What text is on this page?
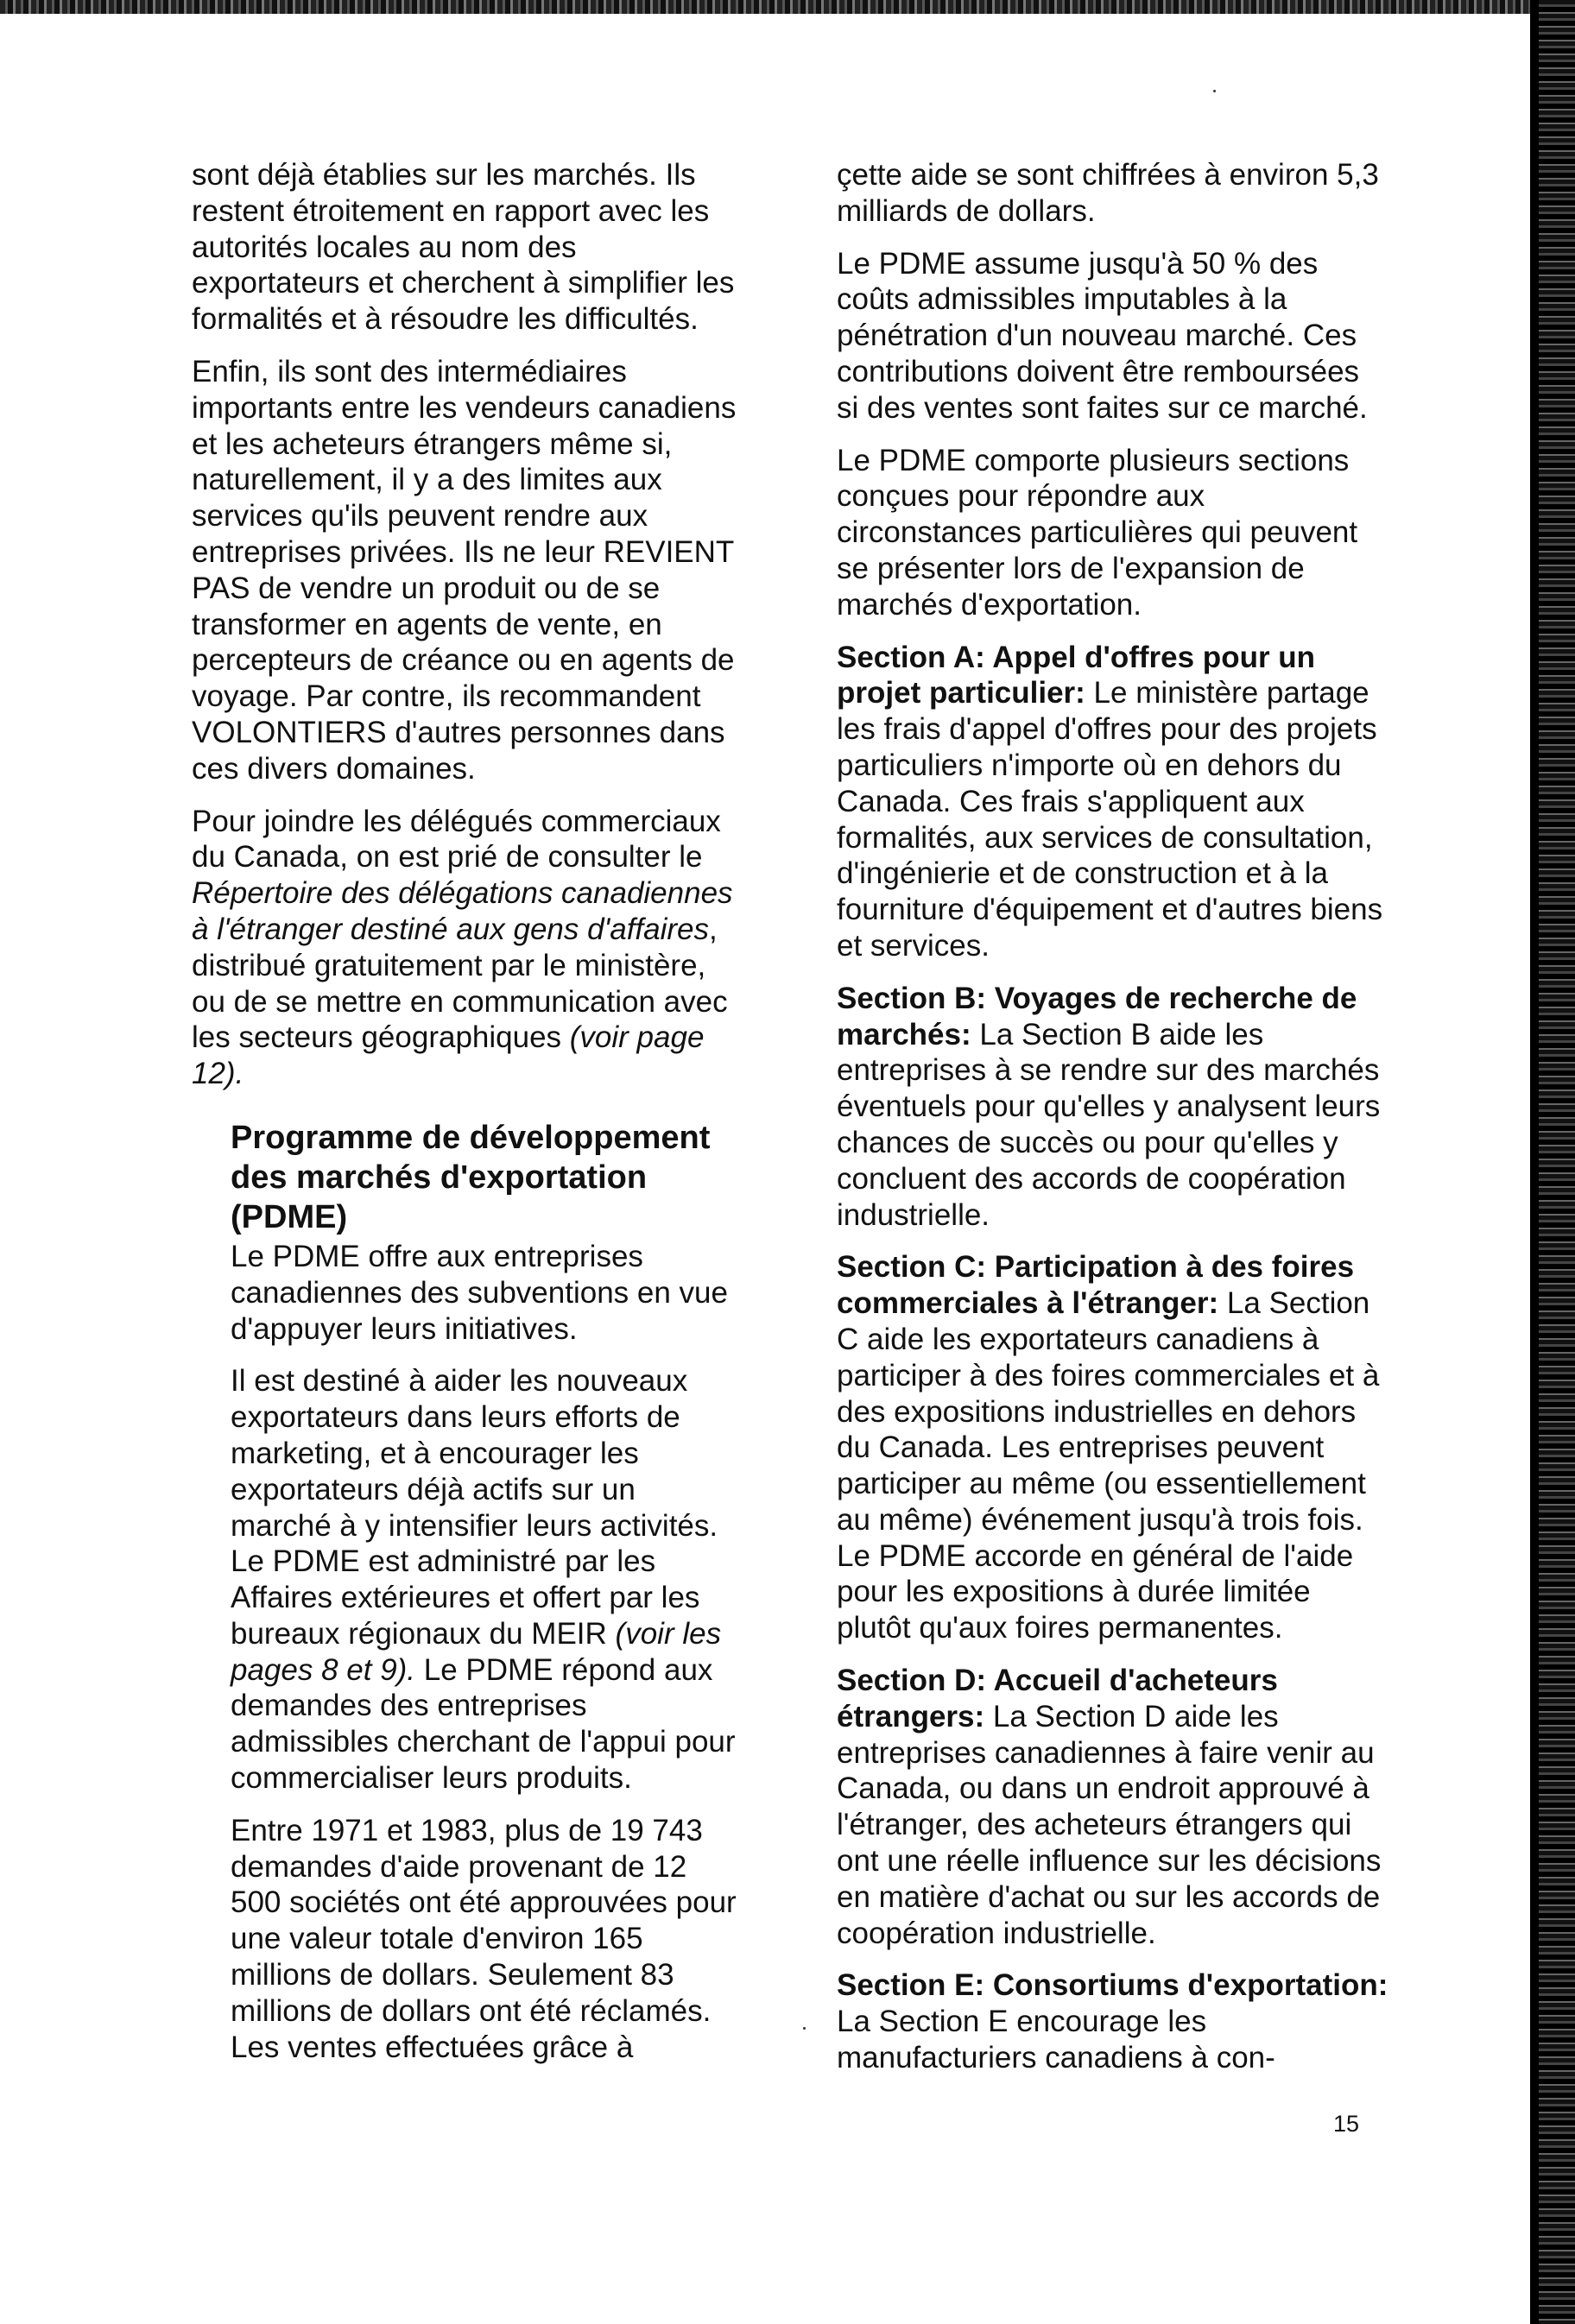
sont déjà établies sur les marchés. Ils restent étroitement en rapport avec les autorités locales au nom des exportateurs et cherchent à simplifier les formalités et à résoudre les difficultés.

Enfin, ils sont des intermédiaires importants entre les vendeurs canadiens et les acheteurs étrangers même si, naturellement, il y a des limites aux services qu'ils peuvent rendre aux entreprises privées. Ils ne leur REVIENT PAS de vendre un produit ou de se transformer en agents de vente, en percepteurs de créance ou en agents de voyage. Par contre, ils recommandent VOLONTIERS d'autres personnes dans ces divers domaines.

Pour joindre les délégués commerciaux du Canada, on est prié de consulter le Répertoire des délégations canadiennes à l'étranger destiné aux gens d'affaires, distribué gratuitement par le ministère, ou de se mettre en communication avec les secteurs géographiques (voir page 12).

Programme de développement des marchés d'exportation (PDME)

Le PDME offre aux entreprises canadiennes des subventions en vue d'appuyer leurs initiatives.

Il est destiné à aider les nouveaux exportateurs dans leurs efforts de marketing, et à encourager les exportateurs déjà actifs sur un marché à y intensifier leurs activités. Le PDME est administré par les Affaires extérieures et offert par les bureaux régionaux du MEIR (voir les pages 8 et 9). Le PDME répond aux demandes des entreprises admissibles cherchant de l'appui pour commercialiser leurs produits.

Entre 1971 et 1983, plus de 19 743 demandes d'aide provenant de 12 500 sociétés ont été approuvées pour une valeur totale d'environ 165 millions de dollars. Seulement 83 millions de dollars ont été réclamés. Les ventes effectuées grâce à

çette aide se sont chiffrées à environ 5,3 milliards de dollars.

Le PDME assume jusqu'à 50 % des coûts admissibles imputables à la pénétration d'un nouveau marché. Ces contributions doivent être remboursées si des ventes sont faites sur ce marché.

Le PDME comporte plusieurs sections conçues pour répondre aux circonstances particulières qui peuvent se présenter lors de l'expansion de marchés d'exportation.

Section A: Appel d'offres pour un projet particulier: Le ministère partage les frais d'appel d'offres pour des projets particuliers n'importe où en dehors du Canada. Ces frais s'appliquent aux formalités, aux services de consultation, d'ingénierie et de construction et à la fourniture d'équipement et d'autres biens et services.

Section B: Voyages de recherche de marchés: La Section B aide les entreprises à se rendre sur des marchés éventuels pour qu'elles y analysent leurs chances de succès ou pour qu'elles y concluent des accords de coopération industrielle.

Section C: Participation à des foires commerciales à l'étranger: La Section C aide les exportateurs canadiens à participer à des foires commerciales et à des expositions industrielles en dehors du Canada. Les entreprises peuvent participer au même (ou essentiellement au même) événement jusqu'à trois fois. Le PDME accorde en général de l'aide pour les expositions à durée limitée plutôt qu'aux foires permanentes.

Section D: Accueil d'acheteurs étrangers: La Section D aide les entreprises canadiennes à faire venir au Canada, ou dans un endroit approuvé à l'étranger, des acheteurs étrangers qui ont une réelle influence sur les décisions en matière d'achat ou sur les accords de coopération industrielle.

Section E: Consortiums d'exportation: La Section E encourage les manufacturiers canadiens à con-

15
